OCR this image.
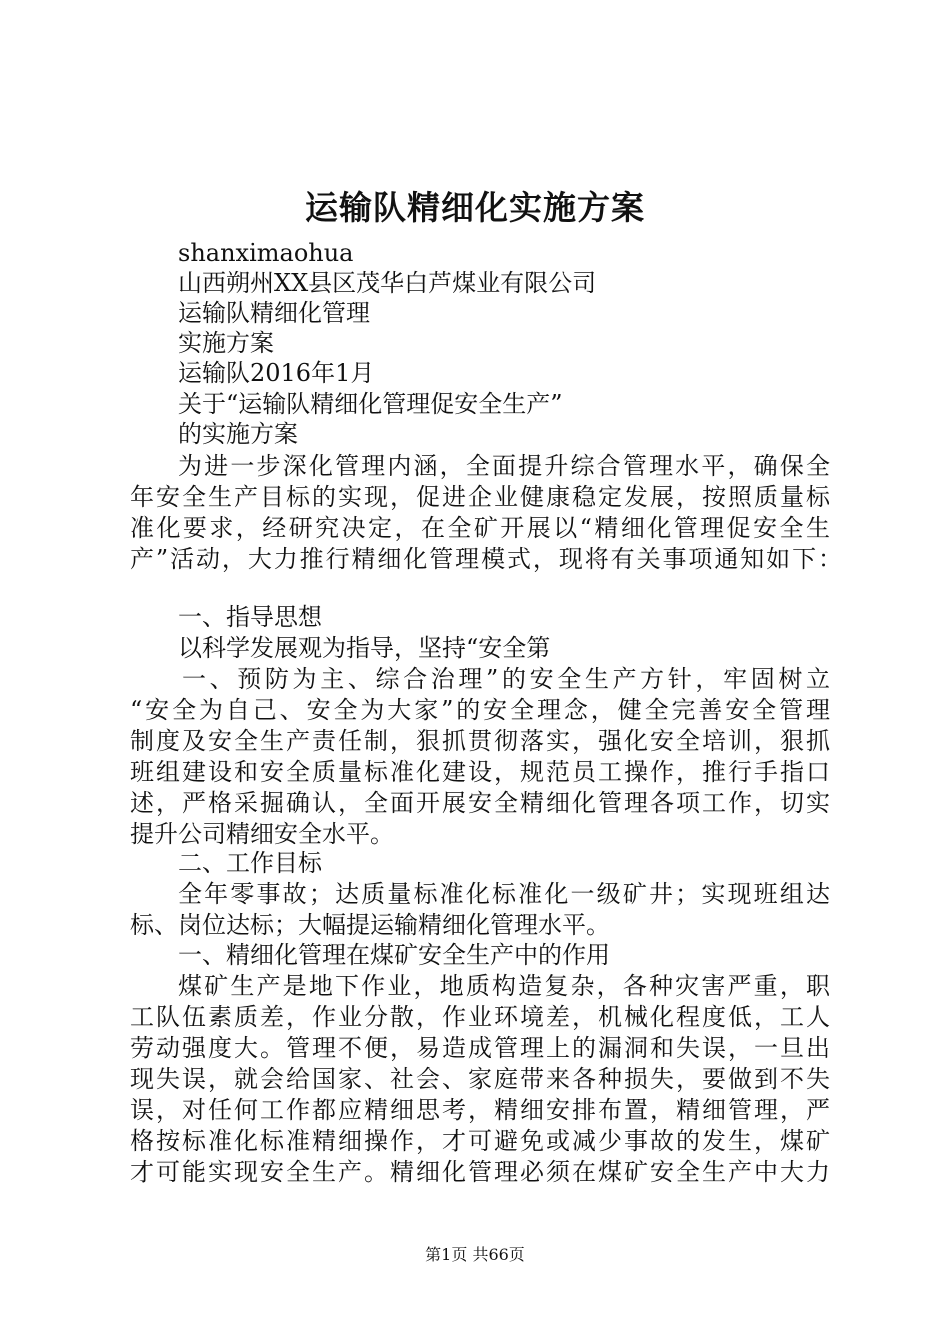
运输队精细化实施方案
shanximaohua
山西朔州XX县区茂华白芦煤业有限公司
运输队精细化管理
实施方案
运输队2016年1月
关于“运输队精细化管理促安全生产”
的实施方案
为进一步深化管理内涵，全面提升综合管理水平，确保全
年安全生产目标的实现，促进企业健康稳定发展，按照质量标
准化要求，经研究决定，在全矿开展以“精细化管理促安全生
产”活动，大力推行精细化管理模式，现将有关事项通知如下：
一、指导思想
以科学发展观为指导，坚持“安全第
一、预防为主、综合治理”的安全生产方针，牢固树立
“安全为自己、安全为大家”的安全理念，健全完善安全管理
制度及安全生产责任制，狠抓贯彻落实，强化安全培训，狠抓
班组建设和安全质量标准化建设，规范员工操作，推行手指口
述，严格采掘确认，全面开展安全精细化管理各项工作，切实
提升公司精细安全水平。
二、工作目标
全年零事故；达质量标准化标准化一级矿井；实现班组达
标、岗位达标；大幅提运输精细化管理水平。
一、精细化管理在煤矿安全生产中的作用
煤矿生产是地下作业，地质构造复杂，各种灾害严重，职
工队伍素质差，作业分散，作业环境差，机械化程度低，工人
劳动强度大。管理不便，易造成管理上的漏洞和失误，一旦出
现失误，就会给国家、社会、家庭带来各种损失，要做到不失
误，对任何工作都应精细思考，精细安排布置，精细管理，严
格按标准化标准精细操作，才可避免或减少事故的发生，煤矿
才可能实现安全生产。精细化管理必须在煤矿安全生产中大力
第1页 共66页
